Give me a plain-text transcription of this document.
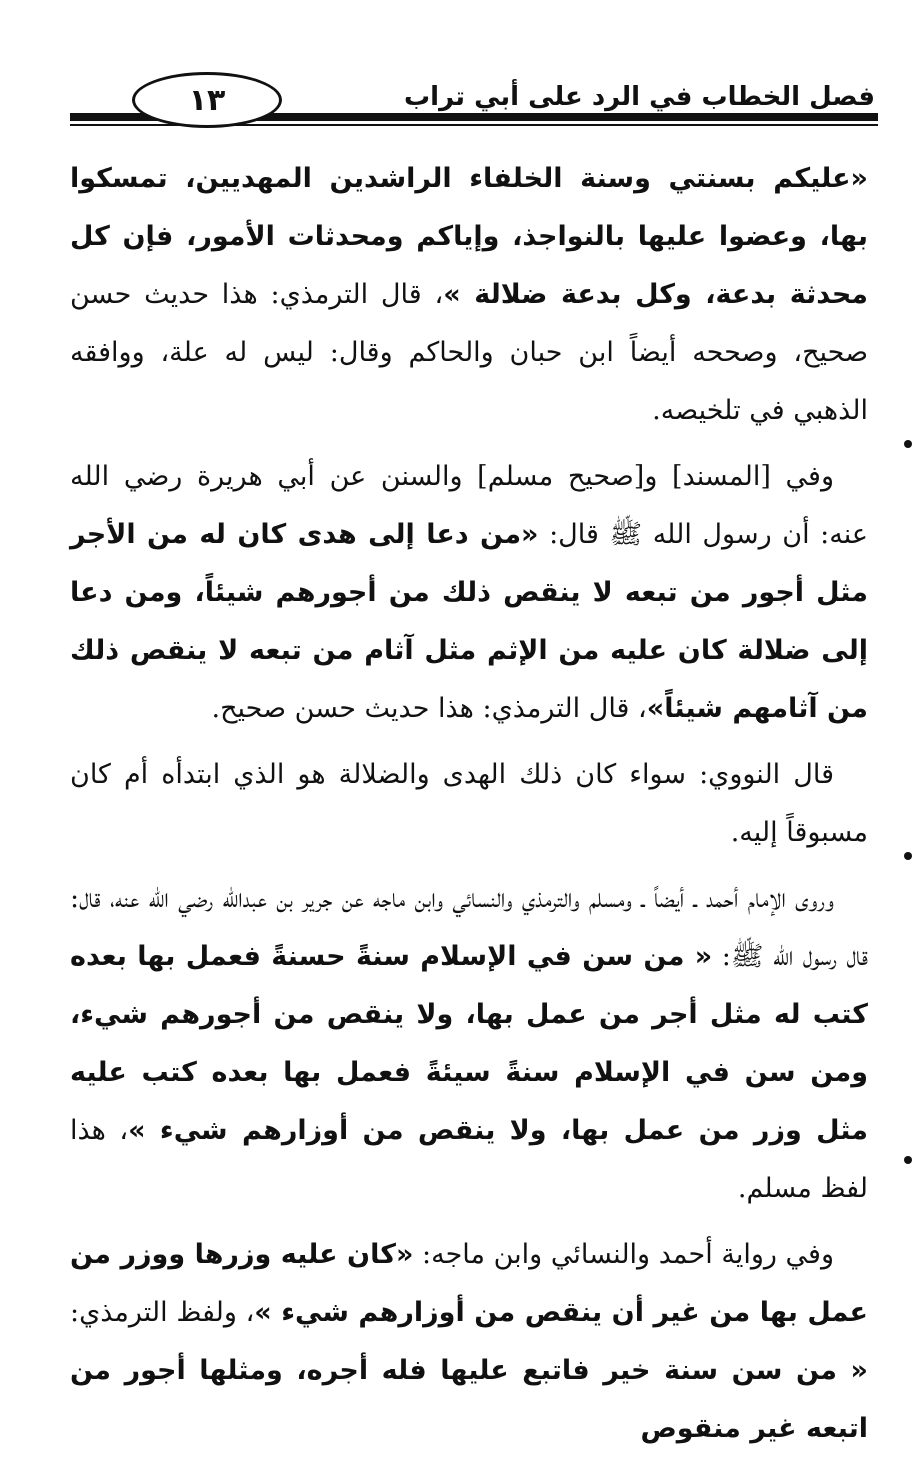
فصل الخطاب في الرد على أبي تراب
١٣

«عليكم بسنتي وسنة الخلفاء الراشدين المهديين، تمسكوا بها، وعضوا عليها بالنواجذ، وإياكم ومحدثات الأمور، فإن كل محدثة بدعة، وكل بدعة ضلالة »، قال الترمذي: هذا حديث حسن صحيح، وصححه أيضاً ابن حبان والحاكم وقال: ليس له علة، ووافقه الذهبي في تلخيصه.

وفي [المسند] و[صحيح مسلم] والسنن عن أبي هريرة رضي الله عنه: أن رسول الله ﷺ قال: «من دعا إلى هدى كان له من الأجر مثل أجور من تبعه لا ينقص ذلك من أجورهم شيئاً، ومن دعا إلى ضلالة كان عليه من الإثم مثل آثام من تبعه لا ينقص ذلك من آثامهم شيئاً»، قال الترمذي: هذا حديث حسن صحيح.

قال النووي: سواء كان ذلك الهدى والضلالة هو الذي ابتدأه أم كان مسبوقاً إليه.

وروى الإمام أحمد ـ أيضاً ـ ومسلم والترمذي والنسائي وابن ماجه عن جرير بن عبدالله رضي الله عنه، قال: قال رسول الله ﷺ: « من سن في الإسلام سنةً حسنةً فعمل بها بعده كتب له مثل أجر من عمل بها، ولا ينقص من أجورهم شيء، ومن سن في الإسلام سنةً سيئةً فعمل بها بعده كتب عليه مثل وزر من عمل بها، ولا ينقص من أوزارهم شيء »، هذا لفظ مسلم.

وفي رواية أحمد والنسائي وابن ماجه: «كان عليه وزرها ووزر من عمل بها من غير أن ينقص من أوزارهم شيء »، ولفظ الترمذي: « من سن سنة خير فاتبع عليها فله أجره، ومثلها أجور من اتبعه غير منقوص
